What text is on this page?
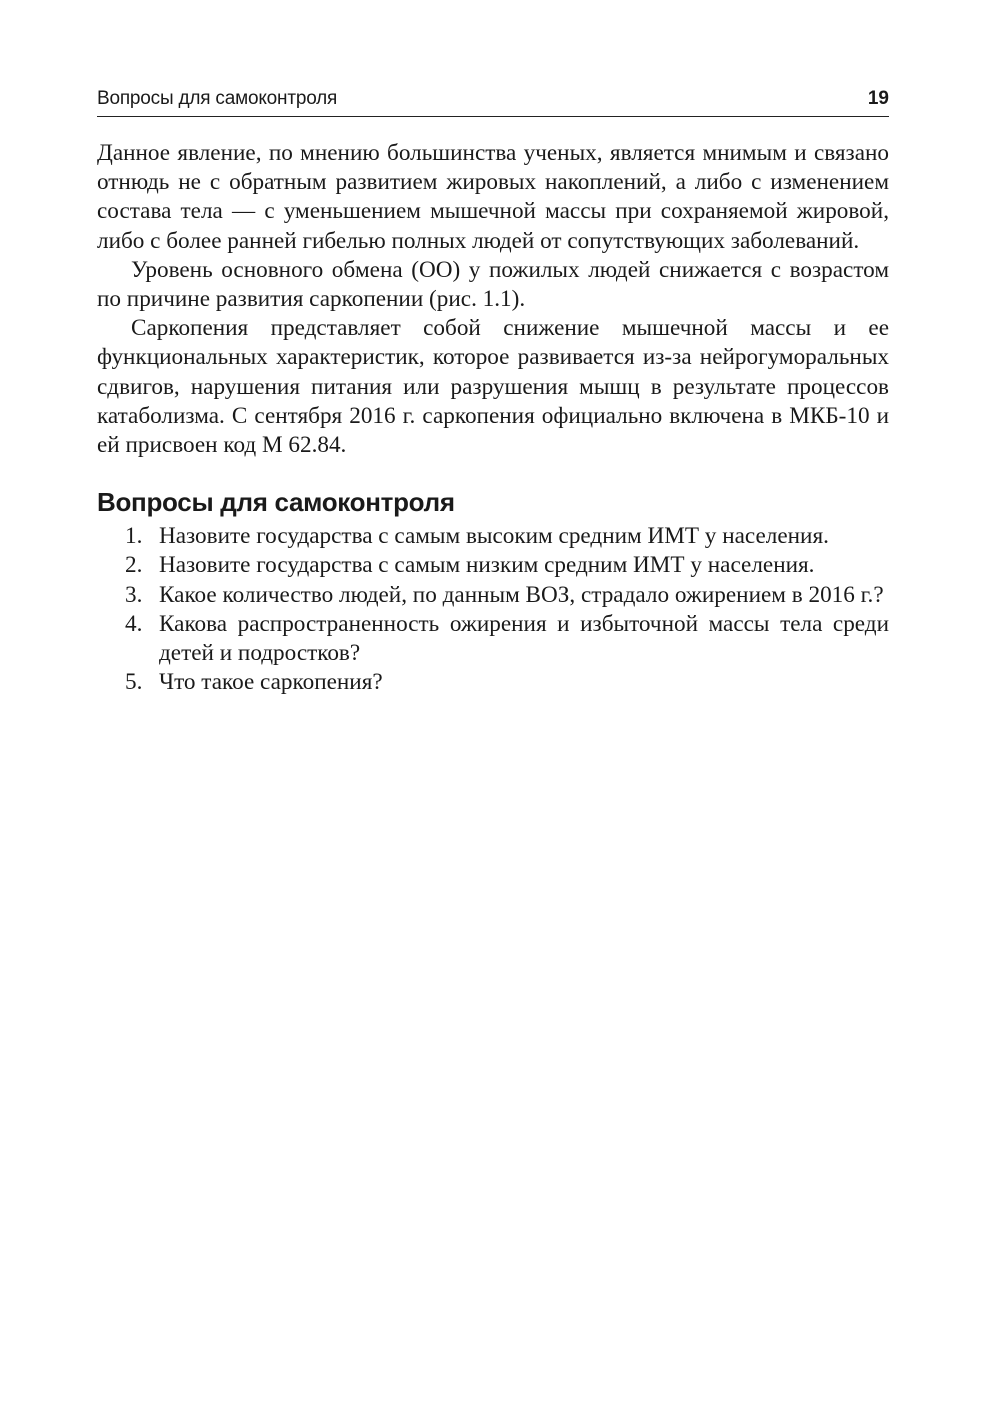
Вопросы для самоконтроля	19

Данное явление, по мнению большинства ученых, является мнимым и связано отнюдь не с обратным развитием жировых накоплений, а либо с изменением состава тела — с уменьшением мышечной массы при сохраняемой жировой, либо с более ранней гибелью полных людей от сопутствующих заболеваний.

Уровень основного обмена (ОО) у пожилых людей снижается с возрастом по причине развития саркопении (рис. 1.1).

Саркопения представляет собой снижение мышечной массы и ее функциональных характеристик, которое развивается из-за нейрогуморальных сдвигов, нарушения питания или разрушения мышц в результате процессов катаболизма. С сентября 2016 г. саркопения официально включена в МКБ-10 и ей присвоен код М 62.84.

Вопросы для самоконтроля
1. Назовите государства с самым высоким средним ИМТ у населения.
2. Назовите государства с самым низким средним ИМТ у населения.
3. Какое количество людей, по данным ВОЗ, страдало ожирением в 2016 г.?
4. Какова распространенность ожирения и избыточной массы тела среди детей и подростков?
5. Что такое саркопения?
